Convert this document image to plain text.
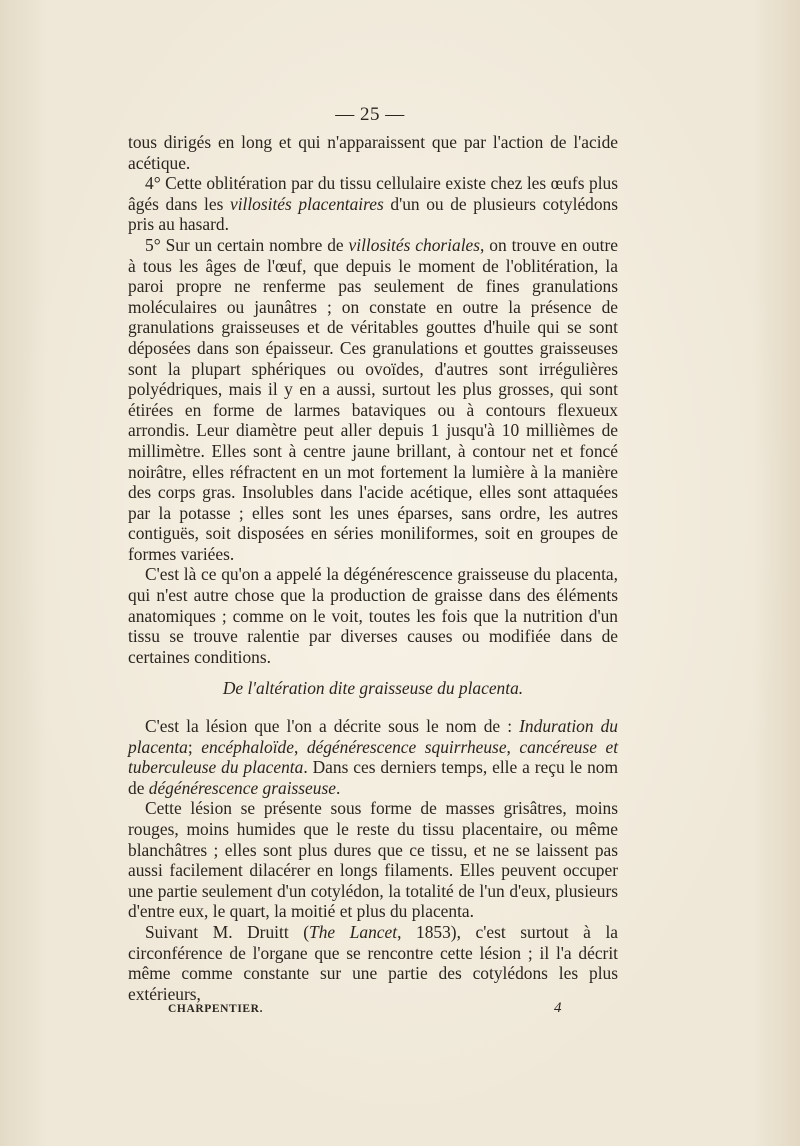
— 25 —

tous dirigés en long et qui n'apparaissent que par l'action de l'acide acétique.

4° Cette oblitération par du tissu cellulaire existe chez les œufs plus âgés dans les villosités placentaires d'un ou de plusieurs cotylédons pris au hasard.

5° Sur un certain nombre de villosités choriales, on trouve en outre à tous les âges de l'œuf, que depuis le moment de l'oblitération, la paroi propre ne renferme pas seulement de fines granulations moléculaires ou jaunâtres ; on constate en outre la présence de granulations graisseuses et de véritables gouttes d'huile qui se sont déposées dans son épaisseur. Ces granulations et gouttes graisseuses sont la plupart sphériques ou ovoïdes, d'autres sont irrégulières polyédriques, mais il y en a aussi, surtout les plus grosses, qui sont étirées en forme de larmes bataviques ou à contours flexueux arrondis. Leur diamètre peut aller depuis 1 jusqu'à 10 millièmes de millimètre. Elles sont à centre jaune brillant, à contour net et foncé noirâtre, elles réfractent en un mot fortement la lumière à la manière des corps gras. Insolubles dans l'acide acétique, elles sont attaquées par la potasse ; elles sont les unes éparses, sans ordre, les autres contiguës, soit disposées en séries moniliformes, soit en groupes de formes variées.

C'est là ce qu'on a appelé la dégénérescence graisseuse du placenta, qui n'est autre chose que la production de graisse dans des éléments anatomiques ; comme on le voit, toutes les fois que la nutrition d'un tissu se trouve ralentie par diverses causes ou modifiée dans de certaines conditions.

De l'altération dite graisseuse du placenta.

C'est la lésion que l'on a décrite sous le nom de : Induration du placenta; encéphaloïde, dégénérescence squirrheuse, cancéreuse et tuberculeuse du placenta. Dans ces derniers temps, elle a reçu le nom de dégénérescence graisseuse.

Cette lésion se présente sous forme de masses grisâtres, moins rouges, moins humides que le reste du tissu placentaire, ou même blanchâtres ; elles sont plus dures que ce tissu, et ne se laissent pas aussi facilement dilacérer en longs filaments. Elles peuvent occuper une partie seulement d'un cotylédon, la totalité de l'un d'eux, plusieurs d'entre eux, le quart, la moitié et plus du placenta.

Suivant M. Druitt (The Lancet, 1853), c'est surtout à la circonférence de l'organe que se rencontre cette lésion ; il l'a décrit même comme constante sur une partie des cotylédons les plus extérieurs,

CHARPENTIER.	4
